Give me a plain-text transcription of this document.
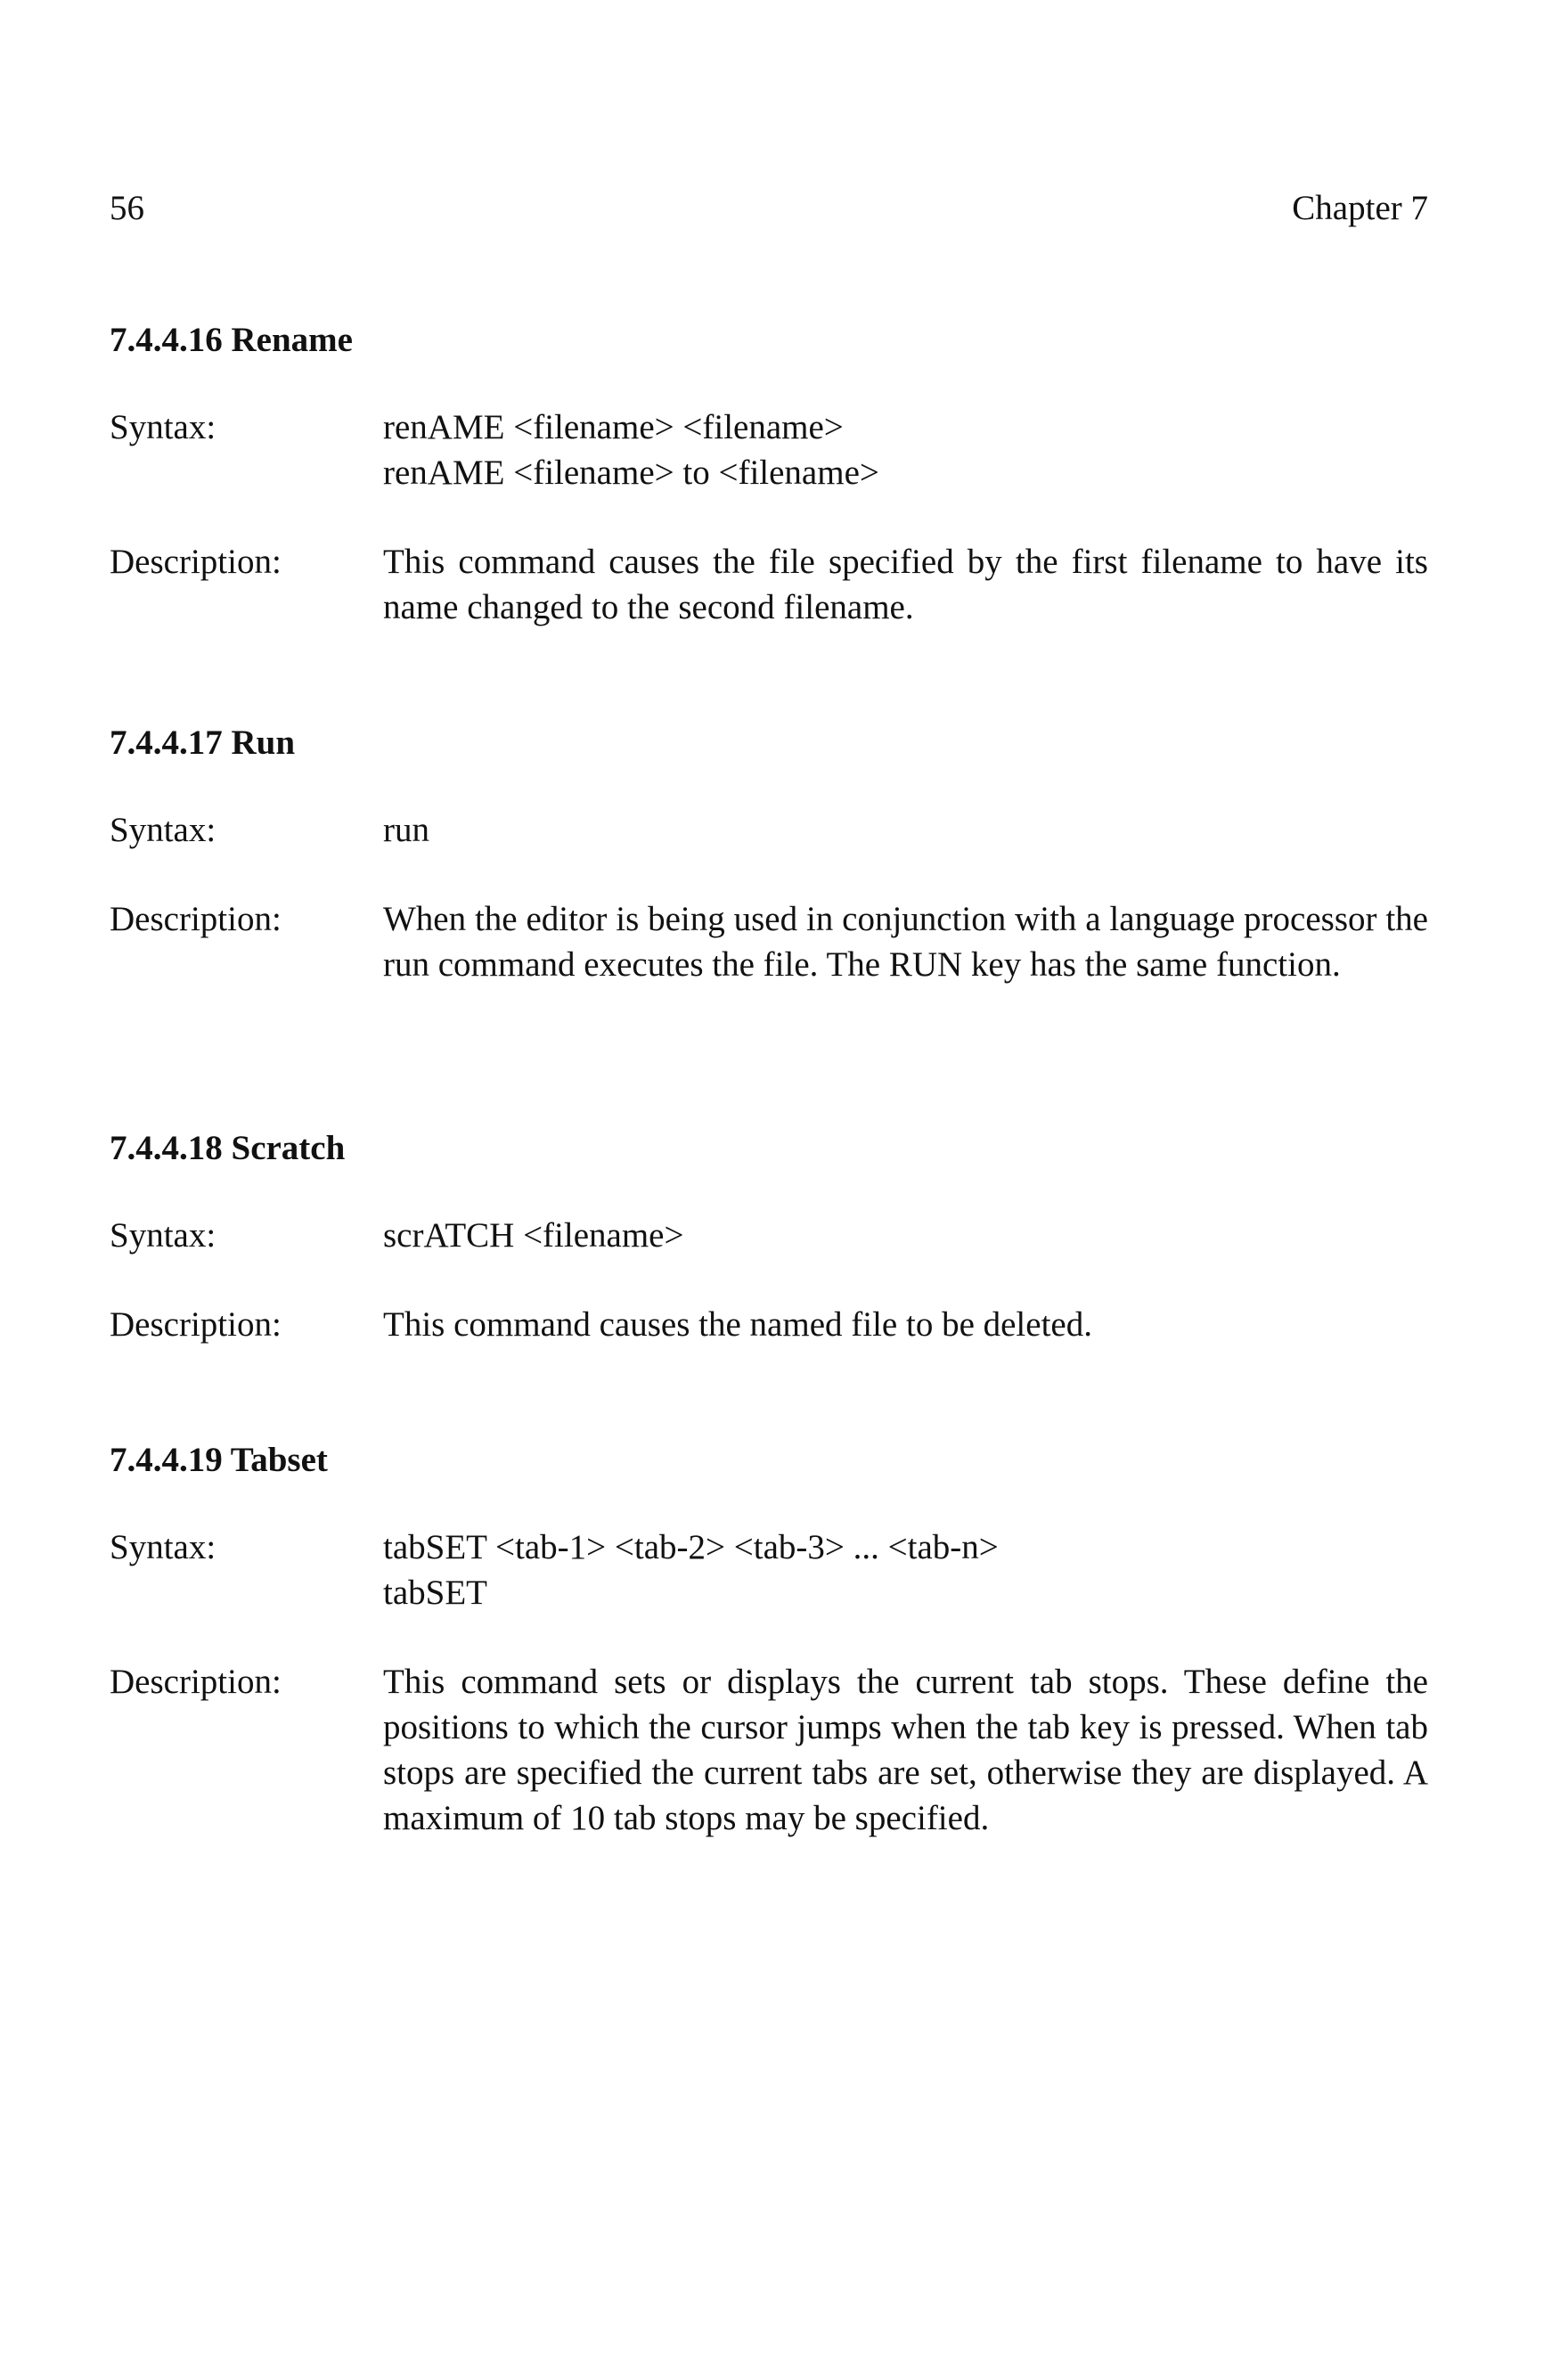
56	Chapter 7
7.4.4.16 Rename
Syntax:	renAME <filename> <filename>
renAME <filename> to <filename>
Description:	This command causes the file specified by the first filename to have its name changed to the second filename.
7.4.4.17 Run
Syntax:	run
Description:	When the editor is being used in conjunction with a language processor the run command executes the file. The RUN key has the same function.
7.4.4.18 Scratch
Syntax:	scrATCH <filename>
Description:	This command causes the named file to be deleted.
7.4.4.19 Tabset
Syntax:	tabSET <tab-1> <tab-2> <tab-3> ... <tab-n>
tabSET
Description:	This command sets or displays the current tab stops. These define the positions to which the cursor jumps when the tab key is pressed. When tab stops are specified the current tabs are set, otherwise they are displayed. A maximum of 10 tab stops may be specified.
